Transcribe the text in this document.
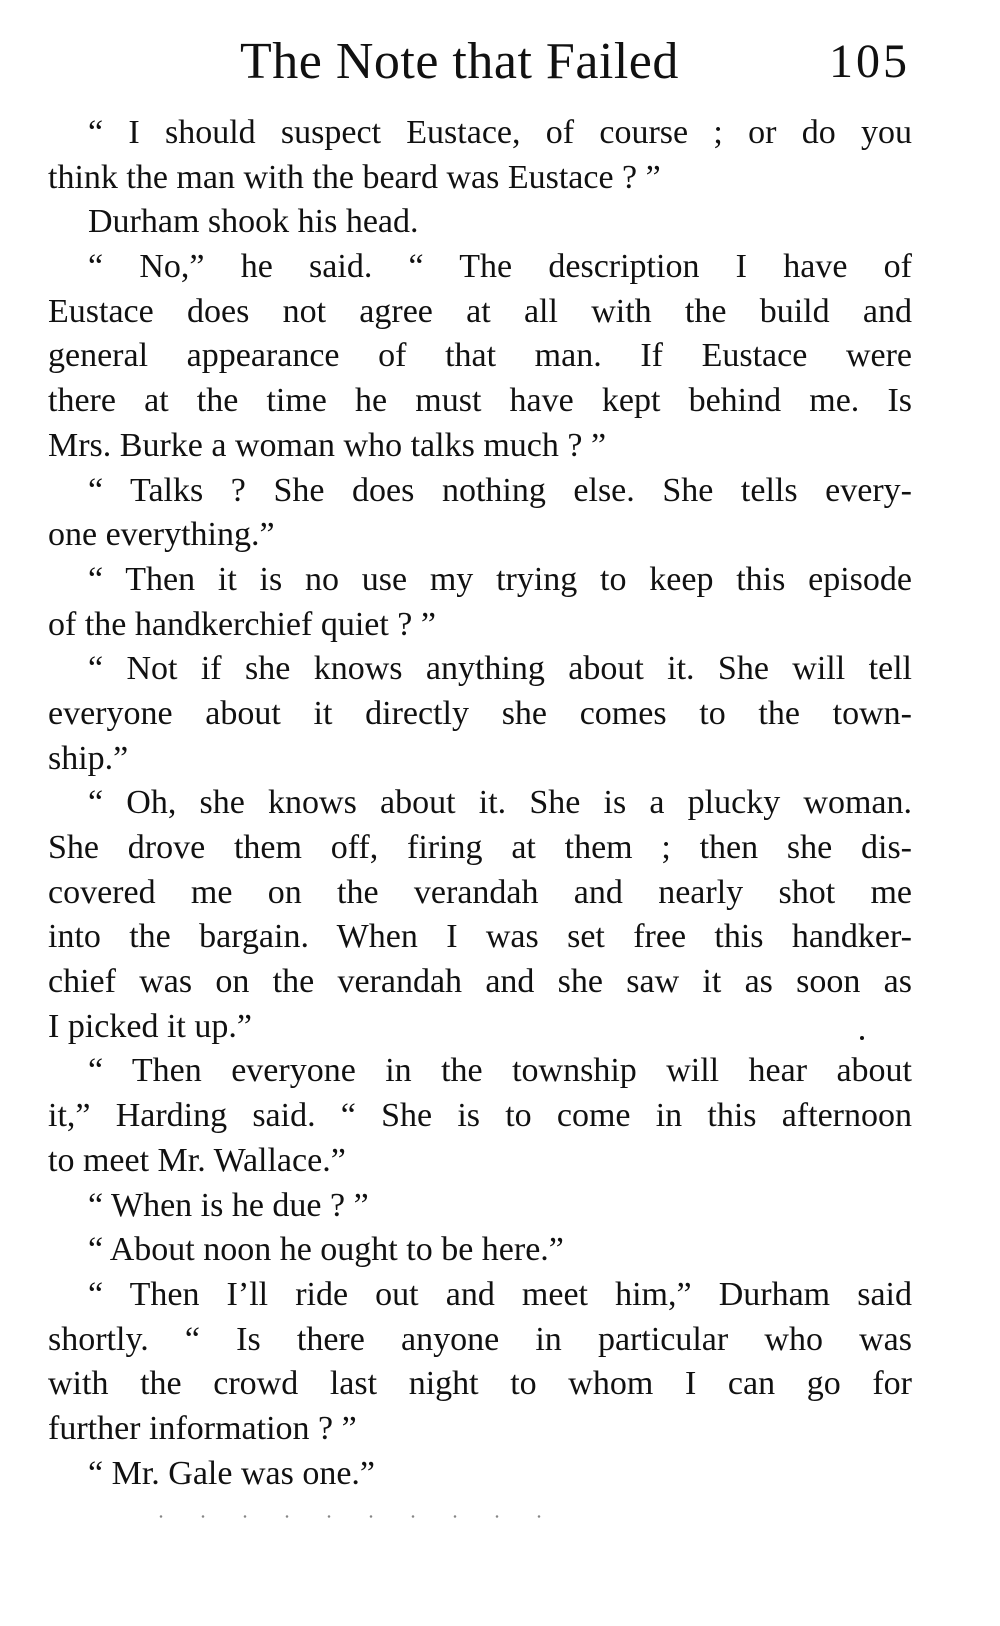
The Note that Failed	105
“ I should suspect Eustace, of course ; or do you
think the man with the beard was Eustace ? ”
Durham shook his head.
“ No,” he said. “ The description I have of
Eustace does not agree at all with the build and
general appearance of that man. If Eustace were
there at the time he must have kept behind me. Is
Mrs. Burke a woman who talks much ? ”
“ Talks ? She does nothing else. She tells every-
one everything.”
“ Then it is no use my trying to keep this episode
of the handkerchief quiet ? ”
“ Not if she knows anything about it. She will tell
everyone about it directly she comes to the town-
ship.”
“ Oh, she knows about it. She is a plucky woman.
She drove them off, firing at them ; then she dis-
covered me on the verandah and nearly shot me
into the bargain. When I was set free this handker-
chief was on the verandah and she saw it as soon as
I picked it up.”
“ Then everyone in the township will hear about
it,” Harding said. “ She is to come in this afternoon
to meet Mr. Wallace.”
“ When is he due ? ”
“ About noon he ought to be here.”
“ Then I’ll ride out and meet him,” Durham said
shortly. “ Is there anyone in particular who was
with the crowd last night to whom I can go for
further information ? ”
“ Mr. Gale was one.”
